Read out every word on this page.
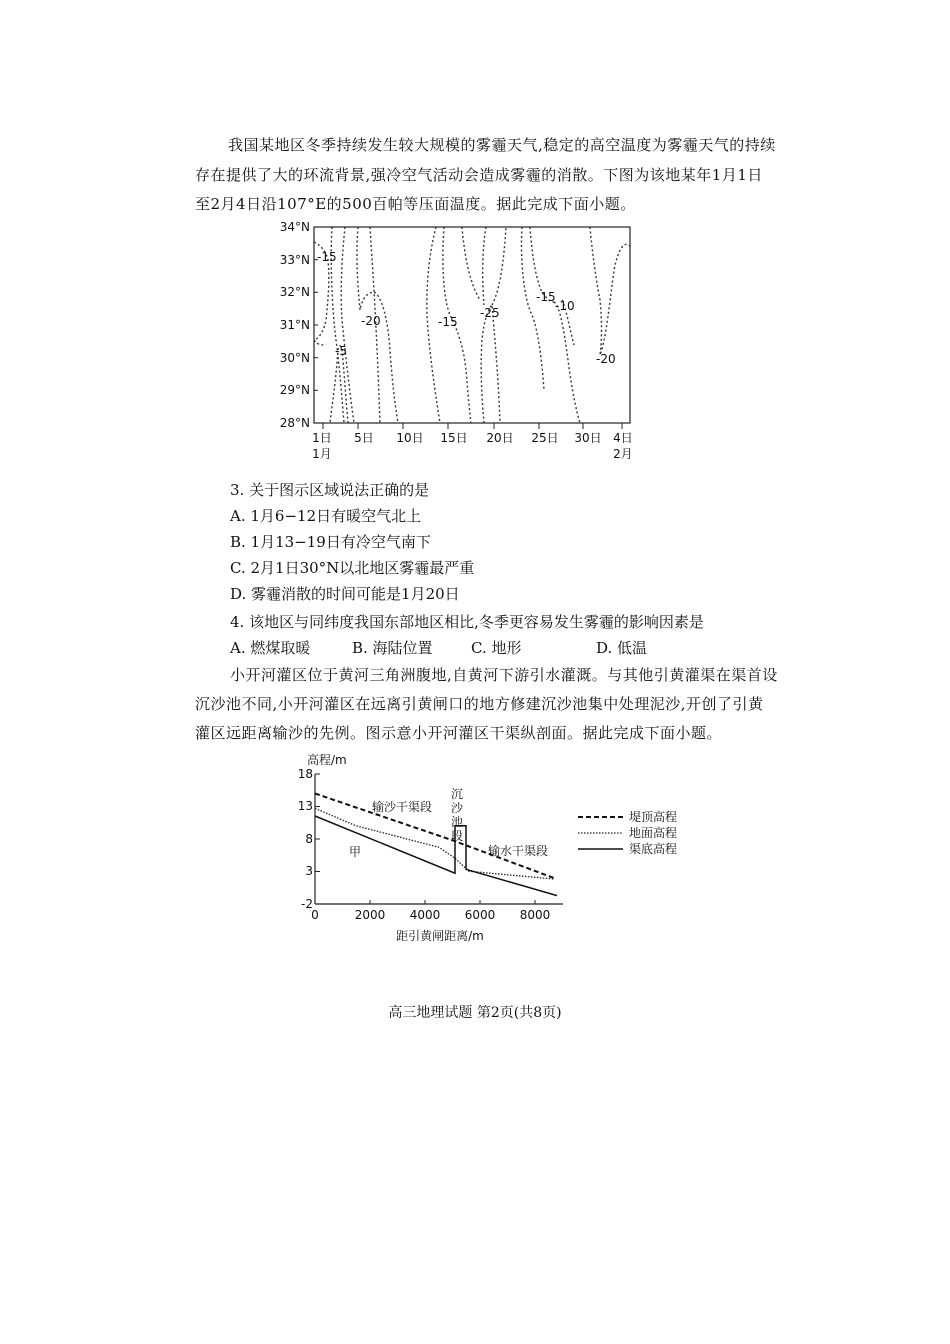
我国某地区冬季持续发生较大规模的雾霾天气,稳定的高空温度为雾霾天气的持续
存在提供了大的环流背景,强冷空气活动会造成雾霾的消散。下图为该地某年1月1日
至2月4日沿107°E的500百帕等压面温度。据此完成下面小题。
34°N
33°N
32°N
31°N
30°N
29°N
28°N
1日 5日 10日 15日 20日 25日 30日 4日
1月	2月
-15
-20
-5
-15
-25
-15
-10
-20
3. 关于图示区域说法正确的是
A. 1月6−12日有暖空气北上
B. 1月13−19日有冷空气南下
C. 2月1日30°N以北地区雾霾最严重
D. 雾霾消散的时间可能是1月20日
4. 该地区与同纬度我国东部地区相比,冬季更容易发生雾霾的影响因素是
A. 燃煤取暖	B. 海陆位置	C. 地形	D. 低温
小开河灌区位于黄河三角洲腹地,自黄河下游引水灌溉。与其他引黄灌渠在渠首设
沉沙池不同,小开河灌区在远离引黄闸口的地方修建沉沙池集中处理泥沙,开创了引黄
灌区远距离输沙的先例。图示意小开河灌区干渠纵剖面。据此完成下面小题。
高程/m
18
13
8
3
-2
0	2000 4000 6000 8000
距引黄闸距离/m
输沙干渠段
沉
沙
池
段
输水干渠段
甲
堤顶高程
地面高程
渠底高程
高三地理试题 第2页(共8页)
